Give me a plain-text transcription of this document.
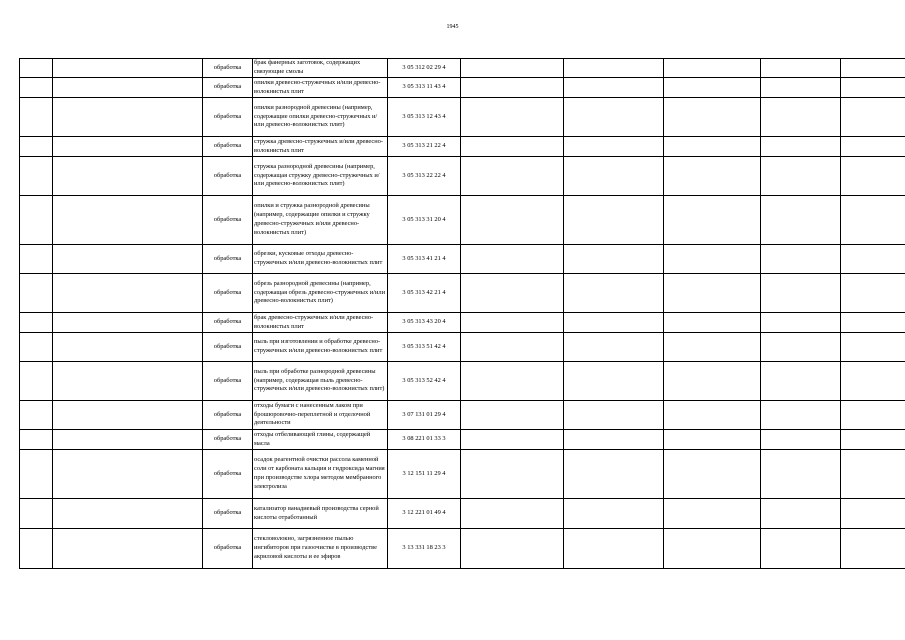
1945
		обработка	брак фанерных заготовок, содержащих связующие смолы	3 05 312 02 29 4					
		обработка	опилки древесно-стружечных и/или древесно-волокнистых плит	3 05 313 11 43 4					
		обработка	опилки разнородной древесины (например, содержащие опилки древесно-стружечных и/или древесно-волокнистых плит)	3 05 313 12 43 4					
		обработка	стружка древесно-стружечных и/или древесно-волокнистых плит	3 05 313 21 22 4					
		обработка	стружка разнородной древесины (например, содержащая стружку древесно-стружечных и/или древесно-волокнистых плит)	3 05 313 22 22 4					
		обработка	опилки и стружка разнородной древесины (например, содержащие опилки и стружку древесно-стружечных и/или древесно-волокнистых плит)	3 05 313 31 20 4					
		обработка	обрезки, кусковые отходы древесно-стружечных и/или древесно-волокнистых плит	3 05 313 41 21 4					
		обработка	обрезь разнородной древесины (например, содержащая обрезь древесно-стружечных и/или древесно-волокнистых плит)	3 05 313 42 21 4					
		обработка	брак древесно-стружечных и/или древесно-волокнистых плит	3 05 313 43 20 4					
		обработка	пыль при изготовлении и обработке древесно-стружечных и/или древесно-волокнистых плит	3 05 313 51 42 4					
		обработка	пыль при обработке разнородной древесины (например, содержащая пыль древесно-стружечных и/или древесно-волокнистых плит)	3 05 313 52 42 4					
		обработка	отходы бумаги с нанесенным лаком при брошюровочно-переплетной и отделочной деятельности	3 07 131 01 29 4					
		обработка	отходы отбеливающей глины, содержащей масла	3 08 221 01 33 3					
		обработка	осадок реагентной очистки рассола каменной соли от карбоната кальция и гидроксида магния при производстве хлора методом мембранного электролиза	3 12 151 11 29 4					
		обработка	катализатор ванадиевый производства серной кислоты отработанный	3 12 221 01 49 4					
		обработка	стекловолокно, загрязненное пылью ингибиторов при газоочистке в производстве акриловой кислоты и ее эфиров	3 13 331 18 23 3					
